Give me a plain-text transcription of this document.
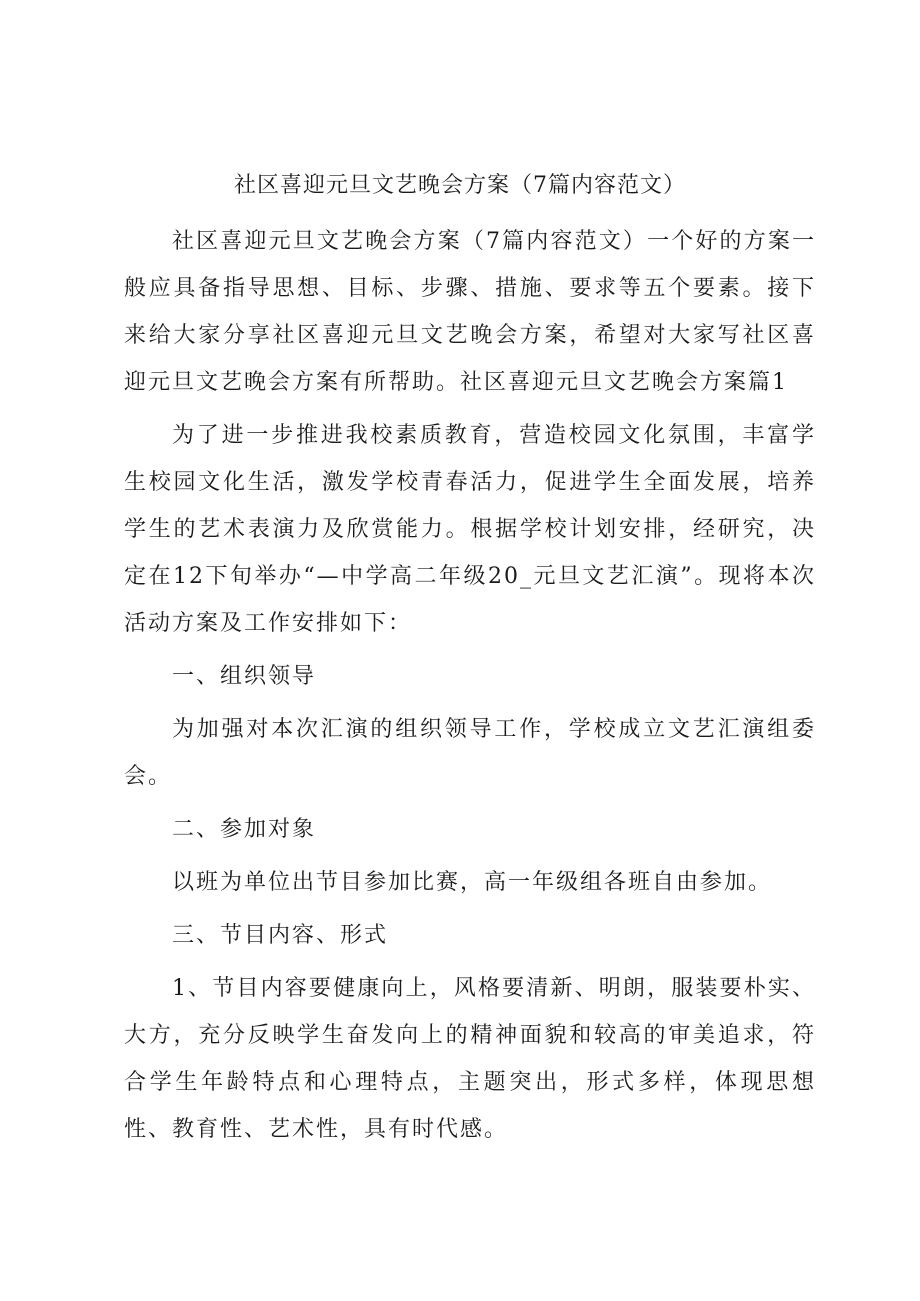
社区喜迎元旦文艺晚会方案（7篇内容范文）

社区喜迎元旦文艺晚会方案（7篇内容范文）一个好的方案一般应具备指导思想、目标、步骤、措施、要求等五个要素。接下来给大家分享社区喜迎元旦文艺晚会方案，希望对大家写社区喜迎元旦文艺晚会方案有所帮助。社区喜迎元旦文艺晚会方案篇1

为了进一步推进我校素质教育，营造校园文化氛围，丰富学生校园文化生活，激发学校青春活力，促进学生全面发展，培养学生的艺术表演力及欣赏能力。根据学校计划安排，经研究，决定在12下旬举办“—中学高二年级20_元旦文艺汇演”。现将本次活动方案及工作安排如下：

一、组织领导

为加强对本次汇演的组织领导工作，学校成立文艺汇演组委会。

二、参加对象

以班为单位出节目参加比赛，高一年级组各班自由参加。

三、节目内容、形式

1、节目内容要健康向上，风格要清新、明朗，服装要朴实、大方，充分反映学生奋发向上的精神面貌和较高的审美追求，符合学生年龄特点和心理特点，主题突出，形式多样，体现思想性、教育性、艺术性，具有时代感。
